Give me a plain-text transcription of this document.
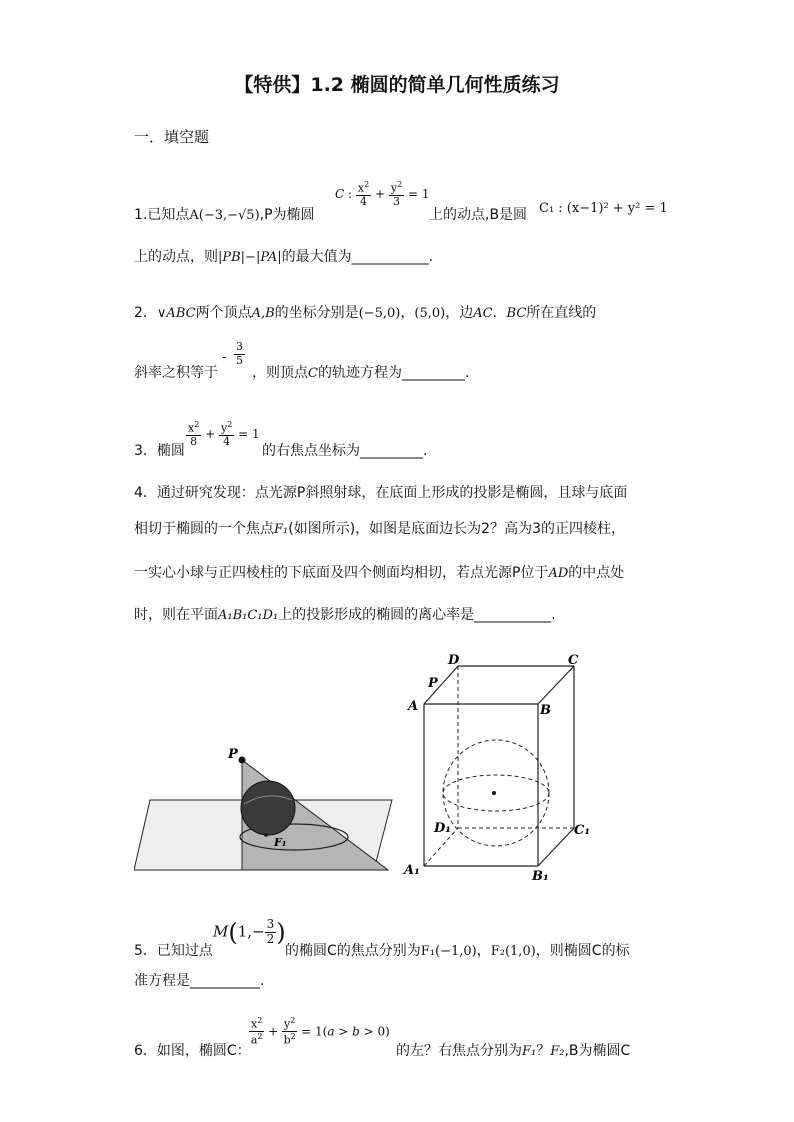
【特供】1.2 椭圆的简单几何性质练习
一．填空题
1.已知点A(−3,−√5),P为椭圆
C : $\frac{x^2}{4} + \frac{y^2}{3} = 1$
上的动点,B是圆 C₁ : (x−1)² + y² = 1
上的动点，则|PB|−|PA|的最大值为___________.
2．∨ABC两个顶点A,B的坐标分别是(−5,0)，(5,0)，边AC．BC所在直线的
斜率之积等于
- $\frac{3}{5}$
，则顶点C的轨迹方程为_________.
3．椭圆
$\frac{x^2}{8} + \frac{y^2}{4} = 1$
的右焦点坐标为_________.
4．通过研究发现：点光源P斜照射球，在底面上形成的投影是椭圆，且球与底面
相切于椭圆的一个焦点F₁(如图所示)，如图是底面边长为2？高为3的正四棱柱，
一实心小球与正四棱柱的下底面及四个侧面均相切，若点光源P位于AD的中点处
时，则在平面A₁B₁C₁D₁上的投影形成的椭圆的离心率是___________.
P
F₁
D	C
P
A	B
D₁	C₁
A₁	B₁
5．已知过点
$M(1,- \frac{3}{2}$ )
的椭圆C的焦点分别为F₁(−1,0)，F₂(1,0)，则椭圆C的标
准方程是__________.
6．如图，椭圆C：
$\frac{x^2}{a^2} + \frac{y^2}{b^2} = 1(a > b > 0)$
的左？右焦点分别为F₁？F₂,B为椭圆C
